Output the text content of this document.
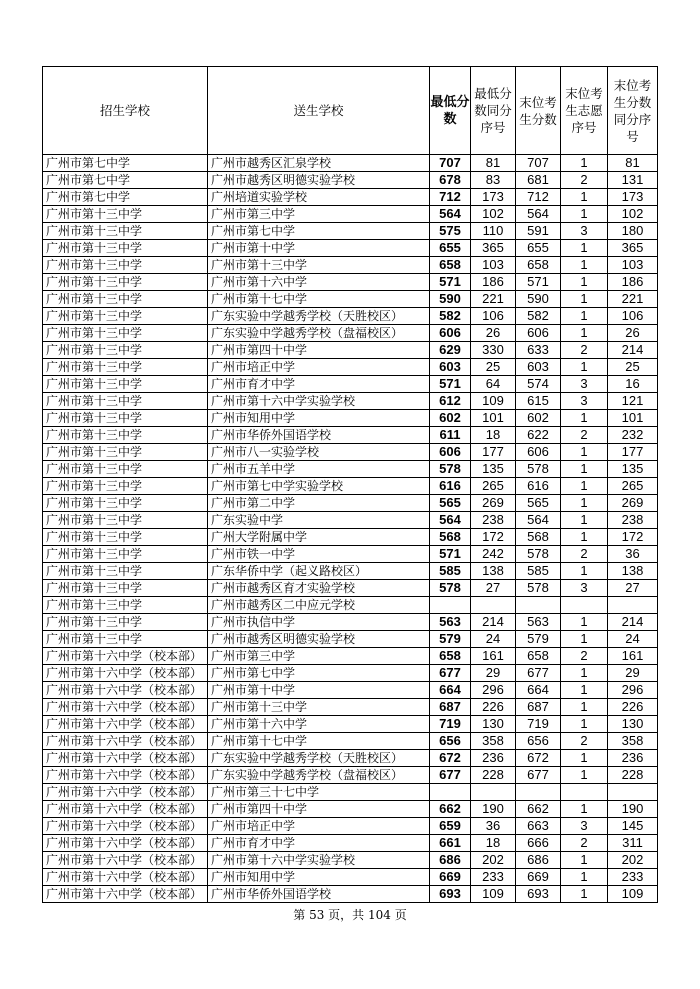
招生学校	送生学校	最低分数	最低分数同分序号	末位考生分数	末位考生志愿序号	末位考生分数同分序号
广州市第七中学	广州市越秀区汇泉学校	707	81	707	1	81
广州市第七中学	广州市越秀区明德实验学校	678	83	681	2	131
广州市第七中学	广州培道实验学校	712	173	712	1	173
广州市第十三中学	广州市第三中学	564	102	564	1	102
广州市第十三中学	广州市第七中学	575	110	591	3	180
广州市第十三中学	广州市第十中学	655	365	655	1	365
广州市第十三中学	广州市第十三中学	658	103	658	1	103
广州市第十三中学	广州市第十六中学	571	186	571	1	186
广州市第十三中学	广州市第十七中学	590	221	590	1	221
广州市第十三中学	广东实验中学越秀学校（天胜校区）	582	106	582	1	106
广州市第十三中学	广东实验中学越秀学校（盘福校区）	606	26	606	1	26
广州市第十三中学	广州市第四十中学	629	330	633	2	214
广州市第十三中学	广州市培正中学	603	25	603	1	25
广州市第十三中学	广州市育才中学	571	64	574	3	16
广州市第十三中学	广州市第十六中学实验学校	612	109	615	3	121
广州市第十三中学	广州市知用中学	602	101	602	1	101
广州市第十三中学	广州市华侨外国语学校	611	18	622	2	232
广州市第十三中学	广州市八一实验学校	606	177	606	1	177
广州市第十三中学	广州市五羊中学	578	135	578	1	135
广州市第十三中学	广州市第七中学实验学校	616	265	616	1	265
广州市第十三中学	广州市第二中学	565	269	565	1	269
广州市第十三中学	广东实验中学	564	238	564	1	238
广州市第十三中学	广州大学附属中学	568	172	568	1	172
广州市第十三中学	广州市铁一中学	571	242	578	2	36
广州市第十三中学	广东华侨中学（起义路校区）	585	138	585	1	138
广州市第十三中学	广州市越秀区育才实验学校	578	27	578	3	27
广州市第十三中学	广州市越秀区二中应元学校					
广州市第十三中学	广州市执信中学	563	214	563	1	214
广州市第十三中学	广州市越秀区明德实验学校	579	24	579	1	24
广州市第十六中学（校本部）	广州市第三中学	658	161	658	2	161
广州市第十六中学（校本部）	广州市第七中学	677	29	677	1	29
广州市第十六中学（校本部）	广州市第十中学	664	296	664	1	296
广州市第十六中学（校本部）	广州市第十三中学	687	226	687	1	226
广州市第十六中学（校本部）	广州市第十六中学	719	130	719	1	130
广州市第十六中学（校本部）	广州市第十七中学	656	358	656	2	358
广州市第十六中学（校本部）	广东实验中学越秀学校（天胜校区）	672	236	672	1	236
广州市第十六中学（校本部）	广东实验中学越秀学校（盘福校区）	677	228	677	1	228
广州市第十六中学（校本部）	广州市第三十七中学					
广州市第十六中学（校本部）	广州市第四十中学	662	190	662	1	190
广州市第十六中学（校本部）	广州市培正中学	659	36	663	3	145
广州市第十六中学（校本部）	广州市育才中学	661	18	666	2	311
广州市第十六中学（校本部）	广州市第十六中学实验学校	686	202	686	1	202
广州市第十六中学（校本部）	广州市知用中学	669	233	669	1	233
广州市第十六中学（校本部）	广州市华侨外国语学校	693	109	693	1	109
第 53 页，共 104 页
